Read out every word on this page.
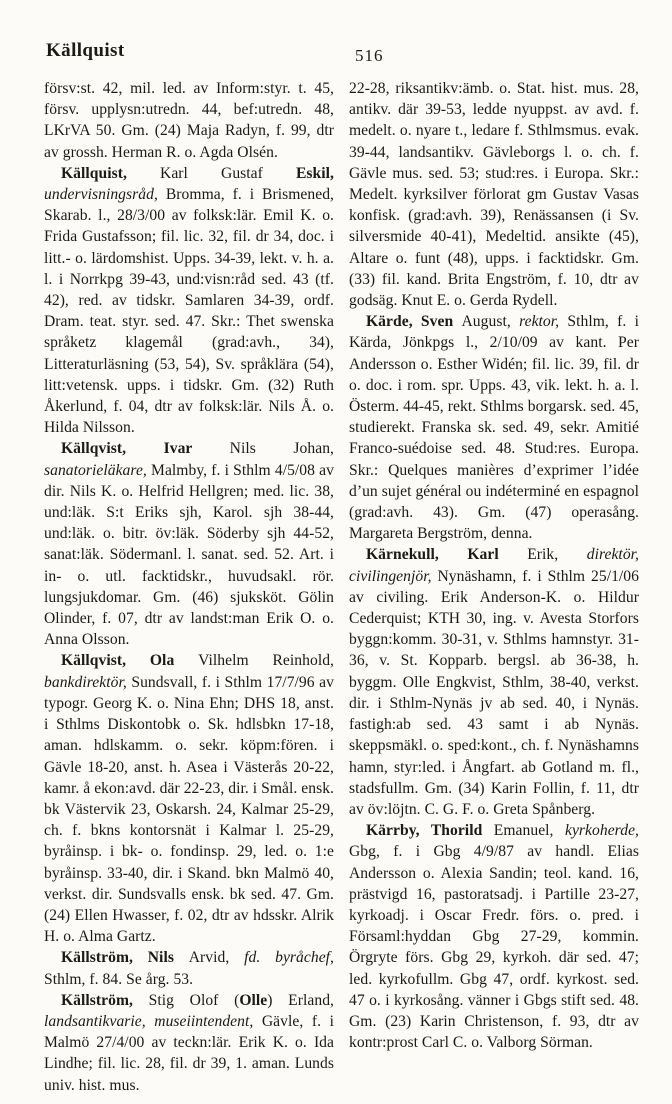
Källquist	516

försv:st. 42, mil. led. av Inform:styr. t. 45, försv. upplysn:utredn. 44, bef:utredn. 48, LKrVA 50. Gm. (24) Maja Radyn, f. 99, dtr av grossh. Herman R. o. Agda Olsén.

Källquist, Karl Gustaf Eskil, undervisningsråd, Bromma, f. i Brismened, Skarab. l., 28/3/00 av folksk:lär. Emil K. o. Frida Gustafsson; fil. lic. 32, fil. dr 34, doc. i litt.- o. lärdomshist. Upps. 34-39, lekt. v. h. a. l. i Norrkpg 39-43, und:visn:råd sed. 43 (tf. 42), red. av tidskr. Samlaren 34-39, ordf. Dram. teat. styr. sed. 47. Skr.: Thet swenska språketz klagemål (grad:avh., 34), Litteraturläsning (53, 54), Sv. språklära (54), litt:vetensk. upps. i tidskr. Gm. (32) Ruth Åkerlund, f. 04, dtr av folksk:lär. Nils Å. o. Hilda Nilsson.

Källqvist, Ivar Nils Johan, sanatorieläkare, Malmby, f. i Sthlm 4/5/08 av dir. Nils K. o. Helfrid Hellgren; med. lic. 38, und:läk. S:t Eriks sjh, Karol. sjh 38-44, und:läk. o. bitr. öv:läk. Söderby sjh 44-52, sanat:läk. Södermanl. l. sanat. sed. 52. Art. i in- o. utl. facktidskr., huvudsakl. rör. lungsjukdomar. Gm. (46) sjuksköt. Gölin Olinder, f. 07, dtr av landst:man Erik O. o. Anna Olsson.

Källqvist, Ola Vilhelm Reinhold, bankdirektör, Sundsvall, f. i Sthlm 17/7/96 av typogr. Georg K. o. Nina Ehn; DHS 18, anst. i Sthlms Diskontobk o. Sk. hdlsbkn 17-18, aman. hdlskamm. o. sekr. köpm:fören. i Gävle 18-20, anst. h. Asea i Västerås 20-22, kamr. å ekon:avd. där 22-23, dir. i Smål. ensk. bk Västervik 23, Oskarsh. 24, Kalmar 25-29, ch. f. bkns kontorsnät i Kalmar l. 25-29, byråinsp. i bk- o. fondinsp. 29, led. o. 1:e byråinsp. 33-40, dir. i Skand. bkn Malmö 40, verkst. dir. Sundsvalls ensk. bk sed. 47. Gm. (24) Ellen Hwasser, f. 02, dtr av hdsskr. Alrik H. o. Alma Gartz.

Källström, Nils Arvid, fd. byråchef, Sthlm, f. 84. Se årg. 53.

Källström, Stig Olof (Olle) Erland, landsantikvarie, museiintendent, Gävle, f. i Malmö 27/4/00 av teckn:lär. Erik K. o. Ida Lindhe; fil. lic. 28, fil. dr 39, 1. aman. Lunds univ. hist. mus.

22-28, riksantikv:ämb. o. Stat. hist. mus. 28, antikv. där 39-53, ledde nyuppst. av avd. f. medelt. o. nyare t., ledare f. Sthlmsmus. evak. 39-44, landsantikv. Gävleborgs l. o. ch. f. Gävle mus. sed. 53; stud:res. i Europa. Skr.: Medelt. kyrksilver förlorat gm Gustav Vasas konfisk. (grad:avh. 39), Renässansen (i Sv. silversmide 40-41), Medeltid. ansikte (45), Altare o. funt (48), upps. i facktidskr. Gm. (33) fil. kand. Brita Engström, f. 10, dtr av godsäg. Knut E. o. Gerda Rydell.

Kärde, Sven August, rektor, Sthlm, f. i Kärda, Jönkpgs l., 2/10/09 av kant. Per Andersson o. Esther Widén; fil. lic. 39, fil. dr o. doc. i rom. spr. Upps. 43, vik. lekt. h. a. l. Österm. 44-45, rekt. Sthlms borgarsk. sed. 45, studierekt. Franska sk. sed. 49, sekr. Amitié Franco-suédoise sed. 48. Stud:res. Europa. Skr.: Quelques manières d’exprimer l’idée d’un sujet général ou indéterminé en espagnol (grad:avh. 43). Gm. (47) operasång. Margareta Bergström, denna.

Kärnekull, Karl Erik, direktör, civilingenjör, Nynäshamn, f. i Sthlm 25/1/06 av civiling. Erik Anderson-K. o. Hildur Cederquist; KTH 30, ing. v. Avesta Storfors byggn:komm. 30-31, v. Sthlms hamnstyr. 31-36, v. St. Kopparb. bergsl. ab 36-38, h. byggm. Olle Engkvist, Sthlm, 38-40, verkst. dir. i Sthlm-Nynäs jv ab sed. 40, i Nynäs. fastigh:ab sed. 43 samt i ab Nynäs. skeppsmäkl. o. sped:kont., ch. f. Nynäshamns hamn, styr:led. i Ångfart. ab Gotland m. fl., stadsfullm. Gm. (34) Karin Follin, f. 11, dtr av öv:löjtn. C. G. F. o. Greta Spånberg.

Kärrby, Thorild Emanuel, kyrkoherde, Gbg, f. i Gbg 4/9/87 av handl. Elias Andersson o. Alexia Sandin; teol. kand. 16, prästvigd 16, pastoratsadj. i Partille 23-27, kyrkoadj. i Oscar Fredr. förs. o. pred. i Församl:hyddan Gbg 27-29, kommin. Örgryte förs. Gbg 29, kyrkoh. där sed. 47; led. kyrkofullm. Gbg 47, ordf. kyrkost. sed. 47 o. i kyrkosång. vänner i Gbgs stift sed. 48. Gm. (23) Karin Christenson, f. 93, dtr av kontr:prost Carl C. o. Valborg Sörman.
